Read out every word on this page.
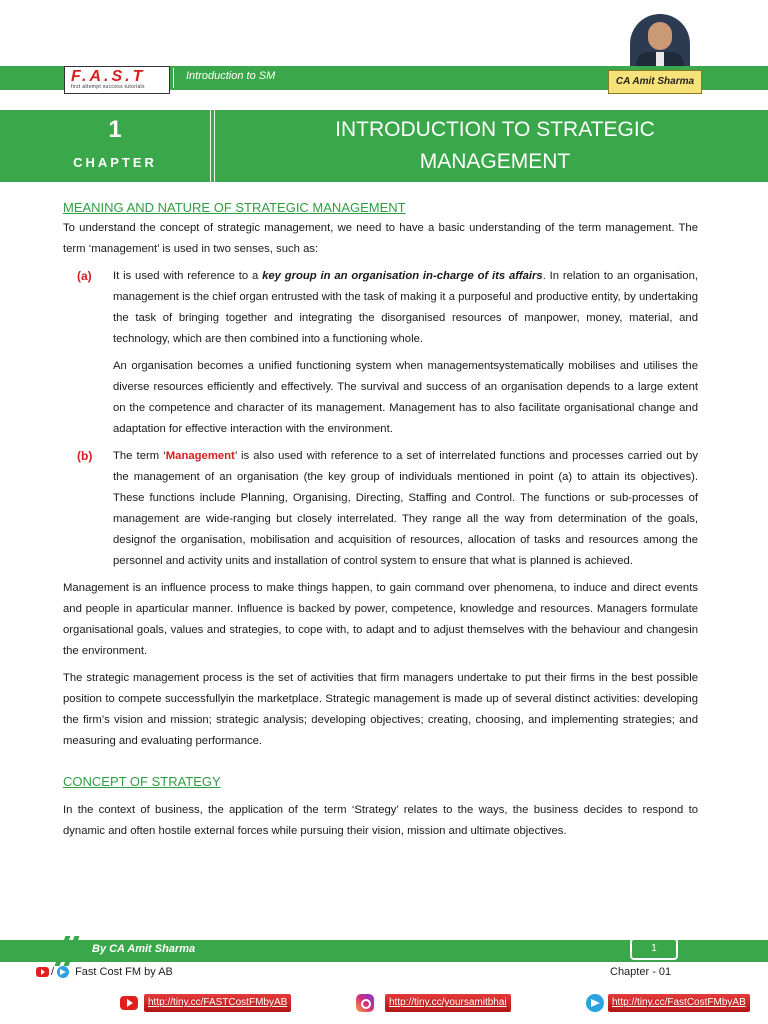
F.A.S.T
first attempt success tutorials
Introduction to SM	CA Amit Sharma
1
CHAPTER
INTRODUCTION TO STRATEGIC
MANAGEMENT
MEANING AND NATURE OF STRATEGIC MANAGEMENT

To understand the concept of strategic management, we need to have a basic understanding of the term management. The term ‘management’ is used in two senses, such as:

(a)	It is used with reference to a key group in an organisation in-charge of its affairs. In relation to an organisation, management is the chief organ entrusted with the task of making it a purposeful and productive entity, by undertaking the task of bringing together and integrating the disorganised resources of manpower, money, material, and technology, which are then combined into a functioning whole.

An organisation becomes a unified functioning system when managementsystematically mobilises and utilises the diverse resources efficiently and effectively. The survival and success of an organisation depends to a large extent on the competence and character of its management. Management has to also facilitate organisational change and adaptation for effective interaction with the environment.

(b)	The term ‘Management’ is also used with reference to a set of interrelated functions and processes carried out by the management of an organisation (the key group of individuals mentioned in point (a) to attain its objectives). These functions include Planning, Organising, Directing, Staffing and Control. The functions or sub-processes of management are wide-ranging but closely interrelated. They range all the way from determination of the goals, designof the organisation, mobilisation and acquisition of resources, allocation of tasks and resources among the personnel and activity units and installation of control system to ensure that what is planned is achieved.

Management is an influence process to make things happen, to gain command over phenomena, to induce and direct events and people in aparticular manner. Influence is backed by power, competence, knowledge and resources. Managers formulate organisational goals, values and strategies, to cope with, to adapt and to adjust themselves with the behaviour and changesin the environment.

The strategic management process is the set of activities that firm managers undertake to put their firms in the best possible position to compete successfullyin the marketplace. Strategic management is made up of several distinct activities: developing the firm’s vision and mission; strategic analysis; developing objectives; creating, choosing, and implementing strategies; and measuring and evaluating performance.

CONCEPT OF STRATEGY

In the context of business, the application of the term ‘Strategy’ relates to the ways, the business decides to respond to dynamic and often hostile external forces while pursuing their vision, mission and ultimate objectives.

By CA Amit Sharma	1
/ Fast Cost FM by AB	Chapter - 01
http://tiny.cc/FASTCostFMbyAB	http://tiny.cc/yoursamitbhai	http://tiny.cc/FastCostFMbyAB
